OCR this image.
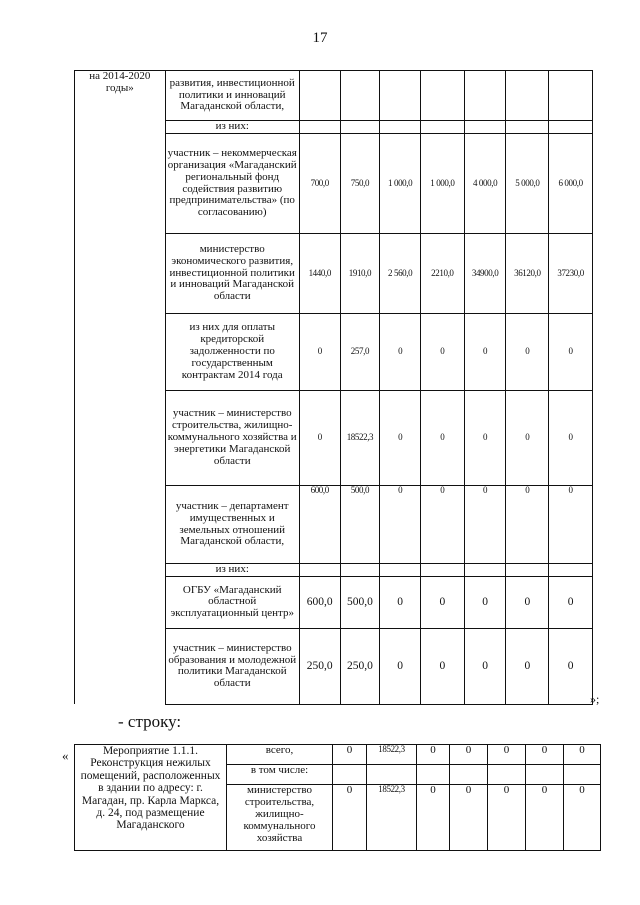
17
на 2014-2020 годы»	развития, инвестиционной политики и инноваций Магаданской области,							
	из них:							
	участник – некоммерческая организация «Магаданский региональный фонд содействия развитию предпринимательства» (по согласованию)	700,0	750,0	1 000,0	1 000,0	4 000,0	5 000,0	6 000,0
	министерство экономического развития, инвестиционной политики и инноваций Магаданской области	1440,0	1910,0	2 560,0	2210,0	34900,0	36120,0	37230,0
	из них для оплаты кредиторской задолженности по государственным контрактам 2014 года	0	257,0	0	0	0	0	0
	участник – министерство строительства, жилищно-коммунального хозяйства и энергетики Магаданской области	0	18522,3	0	0	0	0	0
	участник – департамент имущественных и земельных отношений Магаданской области,	600,0	500,0	0	0	0	0	0
	из них:							
	ОГБУ «Магаданский областной эксплуатационный центр»	600,0	500,0	0	0	0	0	0
	участник – министерство образования и молодежной политики Магаданской области	250,0	250,0	0	0	0	0	0
»;
- строку:
«	Мероприятие 1.1.1. Реконструкция нежилых помещений, расположенных в здании по адресу: г. Магадан, пр. Карла Маркса, д. 24, под размещение Магаданского	всего,	0	18522,3	0	0	0	0	0
	в том числе:							
	министерство строительства, жилищно-коммунального хозяйства	0	18522,3	0	0	0	0	0
